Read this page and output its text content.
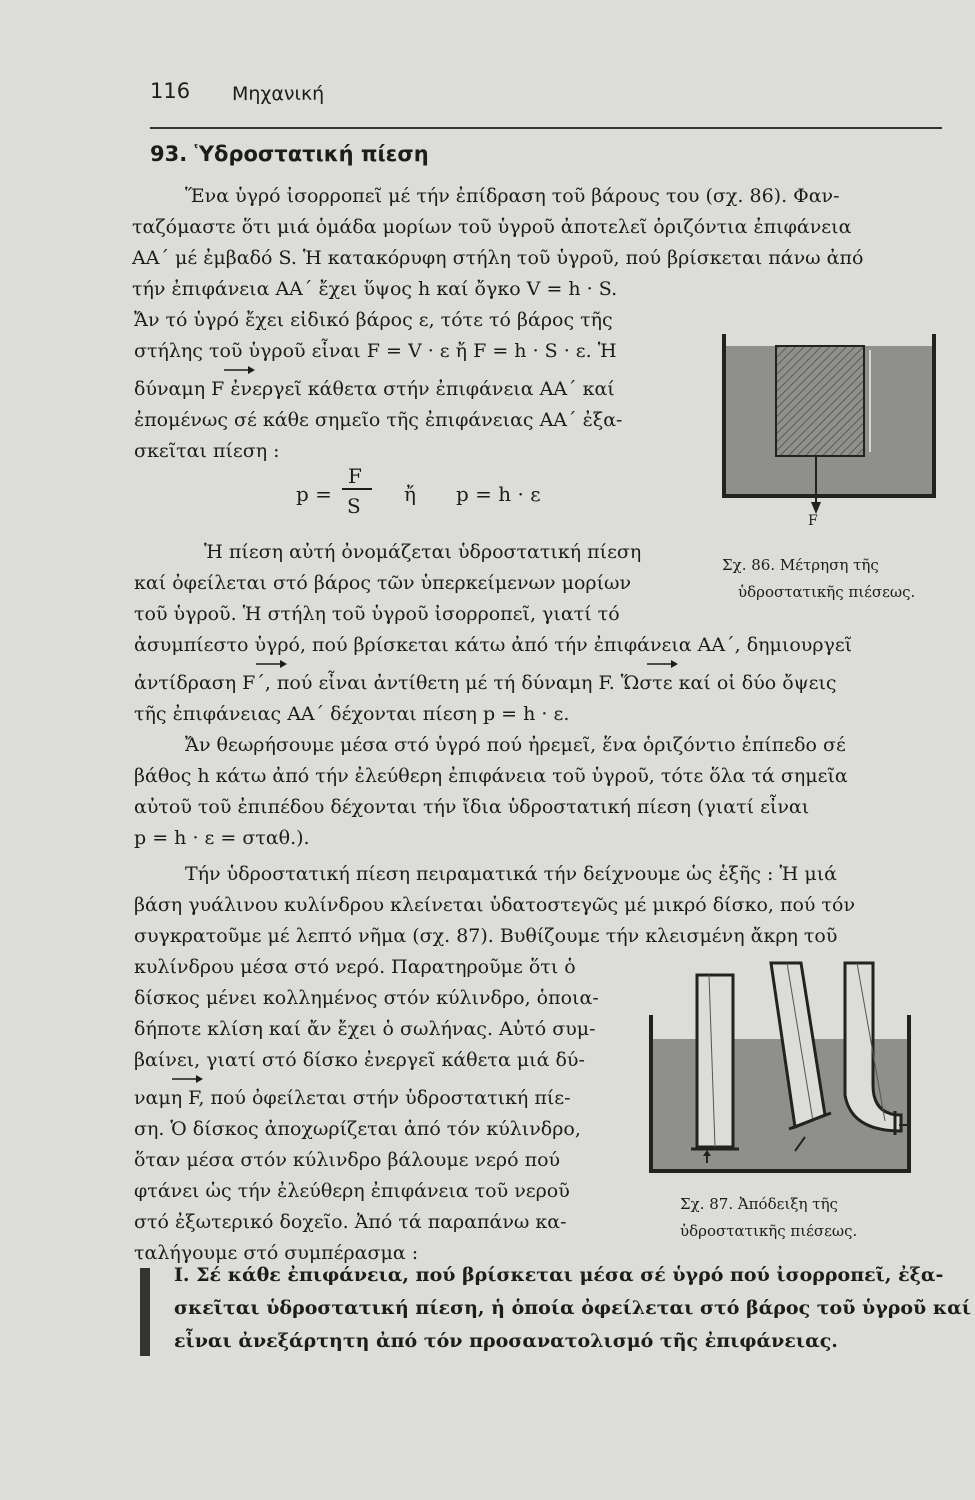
116 Μηχανική
93. Ὑδροστατική πίεση
Ἕνα ὑγρό ἰσορροπεῖ μέ τήν ἐπίδραση τοῦ βάρους του (σχ. 86). Φαν-
ταζόμαστε ὅτι μιά ὁμάδα μορίων τοῦ ὑγροῦ ἀποτελεῖ ὁριζόντια ἐπιφάνεια
ΑΑ΄ μέ ἐμβαδό S. Ἡ κατακόρυφη στήλη τοῦ ὑγροῦ, πού βρίσκεται πάνω ἀπό
τήν ἐπιφάνεια ΑΑ΄ ἔχει ὕψος h καί ὄγκο V = h · S.
Ἄν τό ὑγρό ἔχει εἰδικό βάρος ε, τότε τό βάρος τῆς
στήλης τοῦ ὑγροῦ εἶναι F = V · ε ἤ F = h · S · ε. Ἡ
δύναμη F ἐνεργεῖ κάθετα στήν ἐπιφάνεια ΑΑ΄ καί
ἐπομένως σέ κάθε σημεῖο τῆς ἐπιφάνειας ΑΑ΄ ἐξα-
σκεῖται πίεση :
p =
F
S ἤ p = h · ε
F
Σχ. 86. Μέτρηση τῆς
ὑδροστατικῆς πιέσεως.
Ἡ πίεση αὐτή ὀνομάζεται ὑδροστατική πίεση
καί ὀφείλεται στό βάρος τῶν ὑπερκείμενων μορίων
τοῦ ὑγροῦ. Ἡ στήλη τοῦ ὑγροῦ ἰσορροπεῖ, γιατί τό
ἀσυμπίεστο ὑγρό, πού βρίσκεται κάτω ἀπό τήν ἐπιφάνεια ΑΑ΄, δημιουργεῖ
ἀντίδραση F΄, πού εἶναι ἀντίθετη μέ τή δύναμη F. Ὥστε καί οἱ δύο ὄψεις
τῆς ἐπιφάνειας ΑΑ΄ δέχονται πίεση p = h · ε.
Ἄν θεωρήσουμε μέσα στό ὑγρό πού ἠρεμεῖ, ἕνα ὁριζόντιο ἐπίπεδο σέ
βάθος h κάτω ἀπό τήν ἐλεύθερη ἐπιφάνεια τοῦ ὑγροῦ, τότε ὅλα τά σημεῖα
αὐτοῦ τοῦ ἐπιπέδου δέχονται τήν ἴδια ὑδροστατική πίεση (γιατί εἶναι
p = h · ε = σταθ.).
Τήν ὑδροστατική πίεση πειραματικά τήν δείχνουμε ὡς ἑξῆς : Ἡ μιά
βάση γυάλινου κυλίνδρου κλείνεται ὑδατοστεγῶς μέ μικρό δίσκο, πού τόν
συγκρατοῦμε μέ λεπτό νῆμα (σχ. 87). Βυθίζουμε τήν κλεισμένη ἄκρη τοῦ
κυλίνδρου μέσα στό νερό. Παρατηροῦμε ὅτι ὁ
δίσκος μένει κολλημένος στόν κύλινδρο, ὁποια-
δήποτε κλίση καί ἄν ἔχει ὁ σωλήνας. Αὐτό συμ-
βαίνει, γιατί στό δίσκο ἐνεργεῖ κάθετα μιά δύ-
ναμη F, πού ὀφείλεται στήν ὑδροστατική πίε-
ση. Ὁ δίσκος ἀποχωρίζεται ἀπό τόν κύλινδρο,
ὅταν μέσα στόν κύλινδρο βάλουμε νερό πού
φτάνει ὡς τήν ἐλεύθερη ἐπιφάνεια τοῦ νεροῦ
στό ἐξωτερικό δοχεῖο. Ἀπό τά παραπάνω κα-
ταλήγουμε στό συμπέρασμα :
Σχ. 87. Ἀπόδειξη τῆς
ὑδροστατικῆς πιέσεως.
I. Σέ κάθε ἐπιφάνεια, πού βρίσκεται μέσα σέ ὑγρό πού ἰσορροπεῖ, ἐξα-
σκεῖται ὑδροστατική πίεση, ἡ ὁποία ὀφείλεται στό βάρος τοῦ ὑγροῦ καί
εἶναι ἀνεξάρτητη ἀπό τόν προσανατολισμό τῆς ἐπιφάνειας.
